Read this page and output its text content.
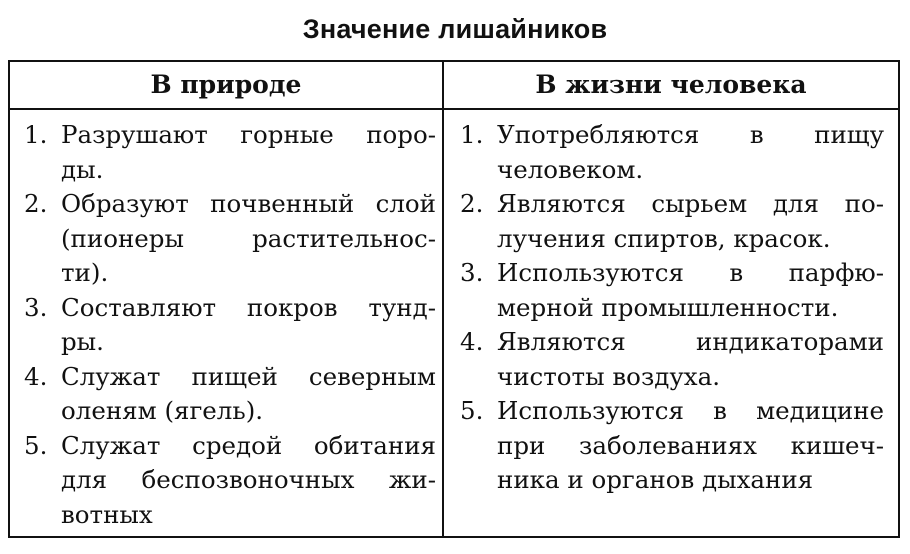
Значение лишайников
В природе	В жизни человека
1. Разрушают горные поро-
ды.
2. Образуют почвенный слой
(пионеры растительнос-
ти).
3. Составляют покров тунд-
ры.
4. Служат пищей северным
оленям (ягель).
5. Служат средой обитания
для беспозвоночных жи-
вотных
1. Употребляются в пищу
человеком.
2. Являются сырьем для по-
лучения спиртов, красок.
3. Используются в парфю-
мерной промышленности.
4. Являются индикаторами
чистоты воздуха.
5. Используются в медицине
при заболеваниях кишеч-
ника и органов дыхания
